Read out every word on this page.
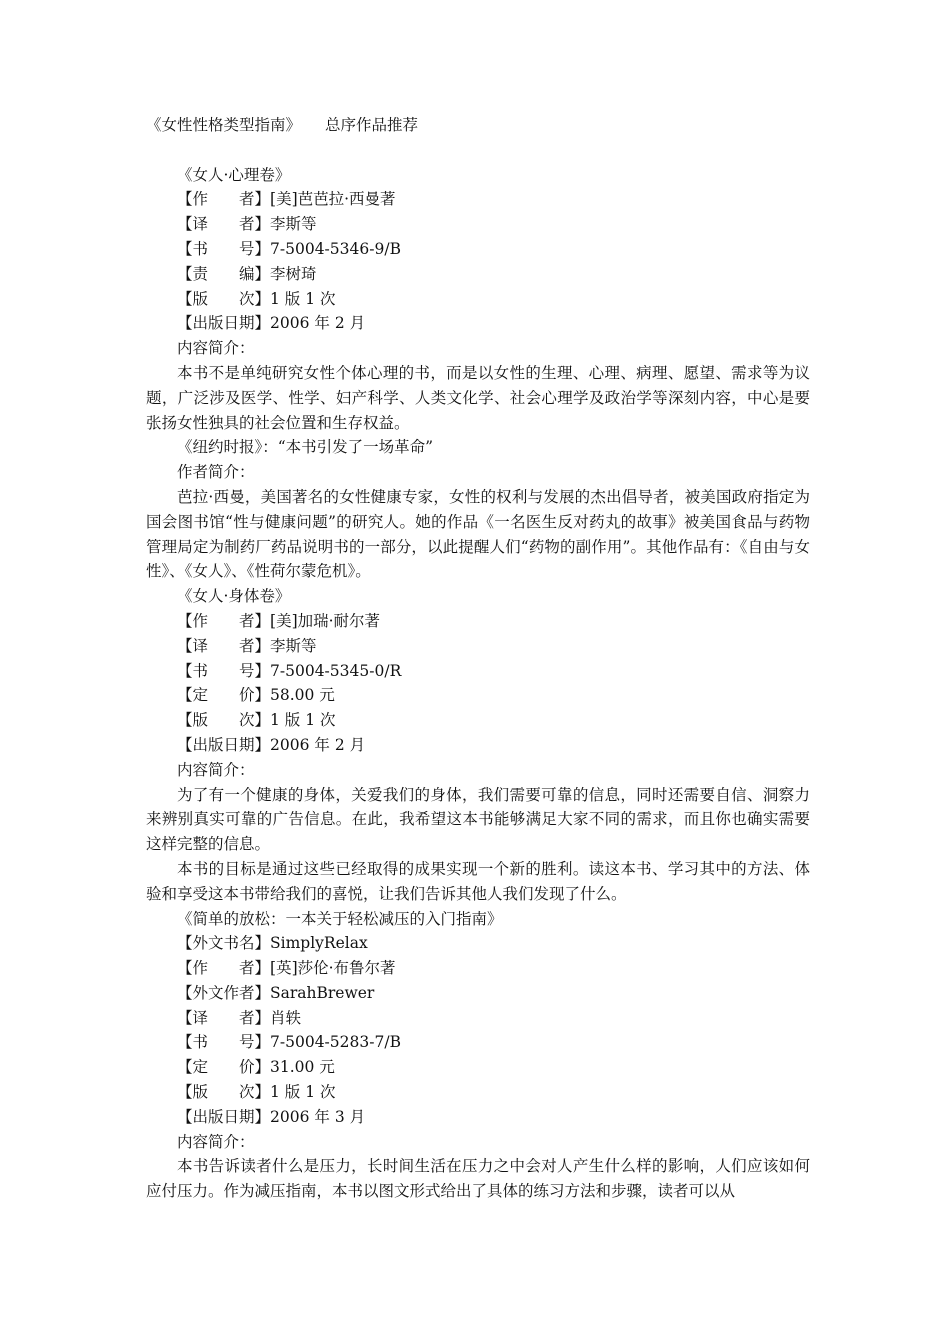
《女性性格类型指南》 总序作品推荐
《女人·心理卷》
【作　　者】[美]芭芭拉·西曼著
【译　　者】李斯等
【书　　号】7-5004-5346-9/B
【责　　编】李树琦
【版　　次】1 版 1 次
【出版日期】2006 年 2 月
内容简介：
本书不是单纯研究女性个体心理的书，而是以女性的生理、心理、病理、愿望、需求等为议题，广泛涉及医学、性学、妇产科学、人类文化学、社会心理学及政治学等深刻内容，中心是要张扬女性独具的社会位置和生存权益。
《纽约时报》：“本书引发了一场革命”
作者简介：
芭拉·西曼，美国著名的女性健康专家，女性的权利与发展的杰出倡导者，被美国政府指定为国会图书馆“性与健康问题”的研究人。她的作品《一名医生反对药丸的故事》被美国食品与药物管理局定为制药厂药品说明书的一部分，以此提醒人们“药物的副作用”。其他作品有：《自由与女性》、《女人》、《性荷尔蒙危机》。
《女人·身体卷》
【作　　者】[美]加瑞·耐尔著
【译　　者】李斯等
【书　　号】7-5004-5345-0/R
【定　　价】58.00 元
【版　　次】1 版 1 次
【出版日期】2006 年 2 月
内容简介：
为了有一个健康的身体，关爱我们的身体，我们需要可靠的信息，同时还需要自信、洞察力来辨别真实可靠的广告信息。在此，我希望这本书能够满足大家不同的需求，而且你也确实需要这样完整的信息。
本书的目标是通过这些已经取得的成果实现一个新的胜利。读这本书、学习其中的方法、体验和享受这本书带给我们的喜悦，让我们告诉其他人我们发现了什么。
《简单的放松：一本关于轻松减压的入门指南》
【外文书名】SimplyRelax
【作　　者】[英]莎伦·布鲁尔著
【外文作者】SarahBrewer
【译　　者】肖轶
【书　　号】7-5004-5283-7/B
【定　　价】31.00 元
【版　　次】1 版 1 次
【出版日期】2006 年 3 月
内容简介：
本书告诉读者什么是压力，长时间生活在压力之中会对人产生什么样的影响，人们应该如何应付压力。作为减压指南，本书以图文形式给出了具体的练习方法和步骤，读者可以从
